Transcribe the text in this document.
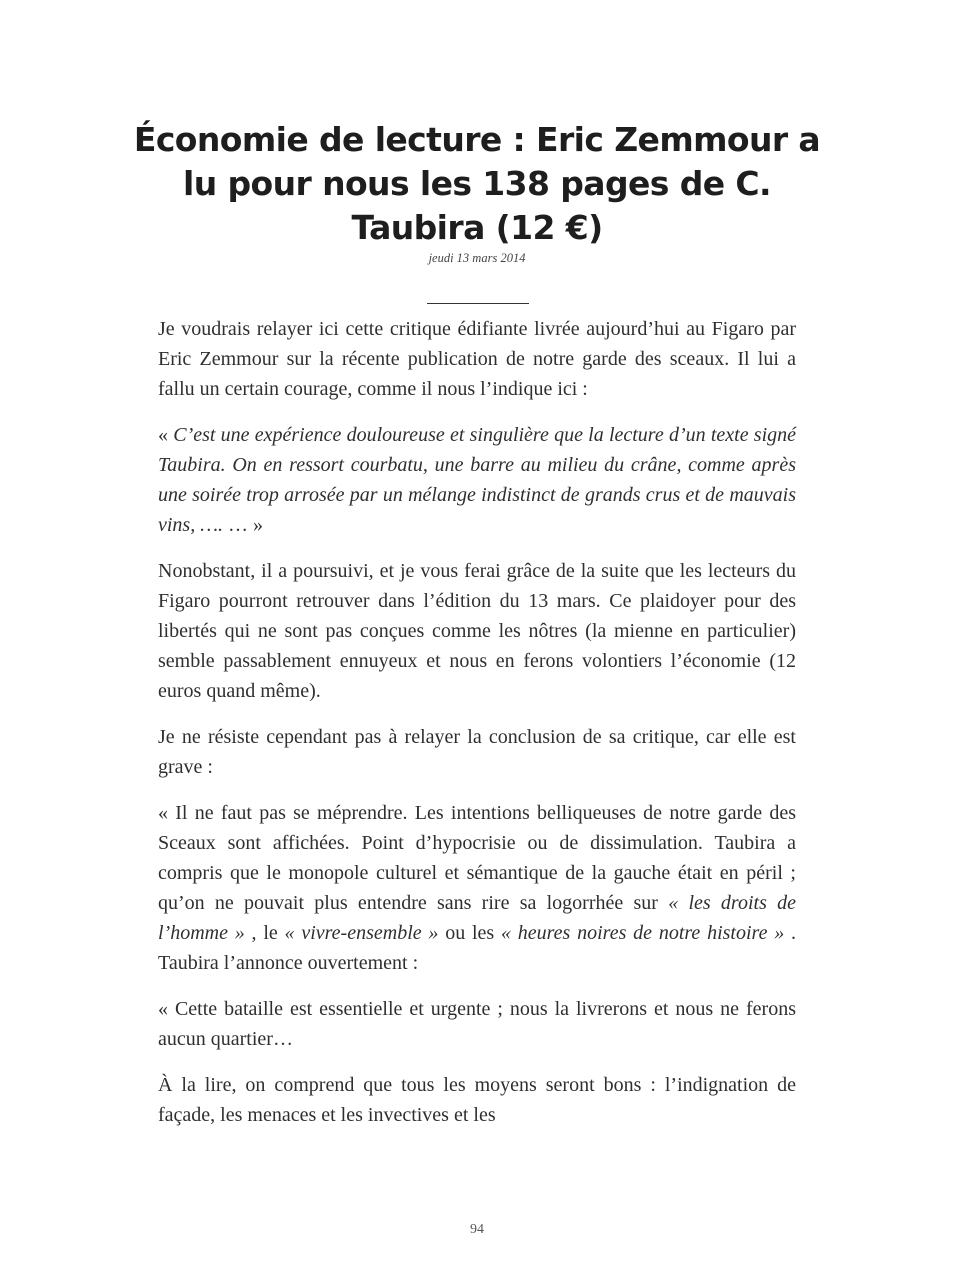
Économie de lecture : Eric Zemmour a lu pour nous les 138 pages de C. Taubira (12 €)
jeudi 13 mars 2014

Je voudrais relayer ici cette critique édifiante livrée aujourd’hui au Figaro par Eric Zemmour sur la récente publication de notre garde des sceaux. Il lui a fallu un certain courage, comme il nous l’indique ici :

« C’est une expérience douloureuse et singulière que la lecture d’un texte signé Taubira. On en ressort courbatu, une barre au milieu du crâne, comme après une soirée trop arrosée par un mélange indistinct de grands crus et de mauvais vins, …. … »

Nonobstant, il a poursuivi, et je vous ferai grâce de la suite que les lecteurs du Figaro pourront retrouver dans l’édition du 13 mars. Ce plaidoyer pour des libertés qui ne sont pas conçues comme les nôtres (la mienne en particulier) semble passablement ennuyeux et nous en ferons volontiers l’économie (12 euros quand même).

Je ne résiste cependant pas à relayer la conclusion de sa critique, car elle est grave :

« Il ne faut pas se méprendre. Les intentions belliqueuses de notre garde des Sceaux sont affichées. Point d’hypocrisie ou de dissimulation. Taubira a compris que le monopole culturel et sémantique de la gauche était en péril ; qu’on ne pouvait plus entendre sans rire sa logorrhée sur « les droits de l’homme » , le « vivre-ensemble » ou les « heures noires de notre histoire » . Taubira l’annonce ouvertement :

« Cette bataille est essentielle et urgente ; nous la livrerons et nous ne ferons aucun quartier…

À la lire, on comprend que tous les moyens seront bons : l’indignation de façade, les menaces et les invectives et les

94
